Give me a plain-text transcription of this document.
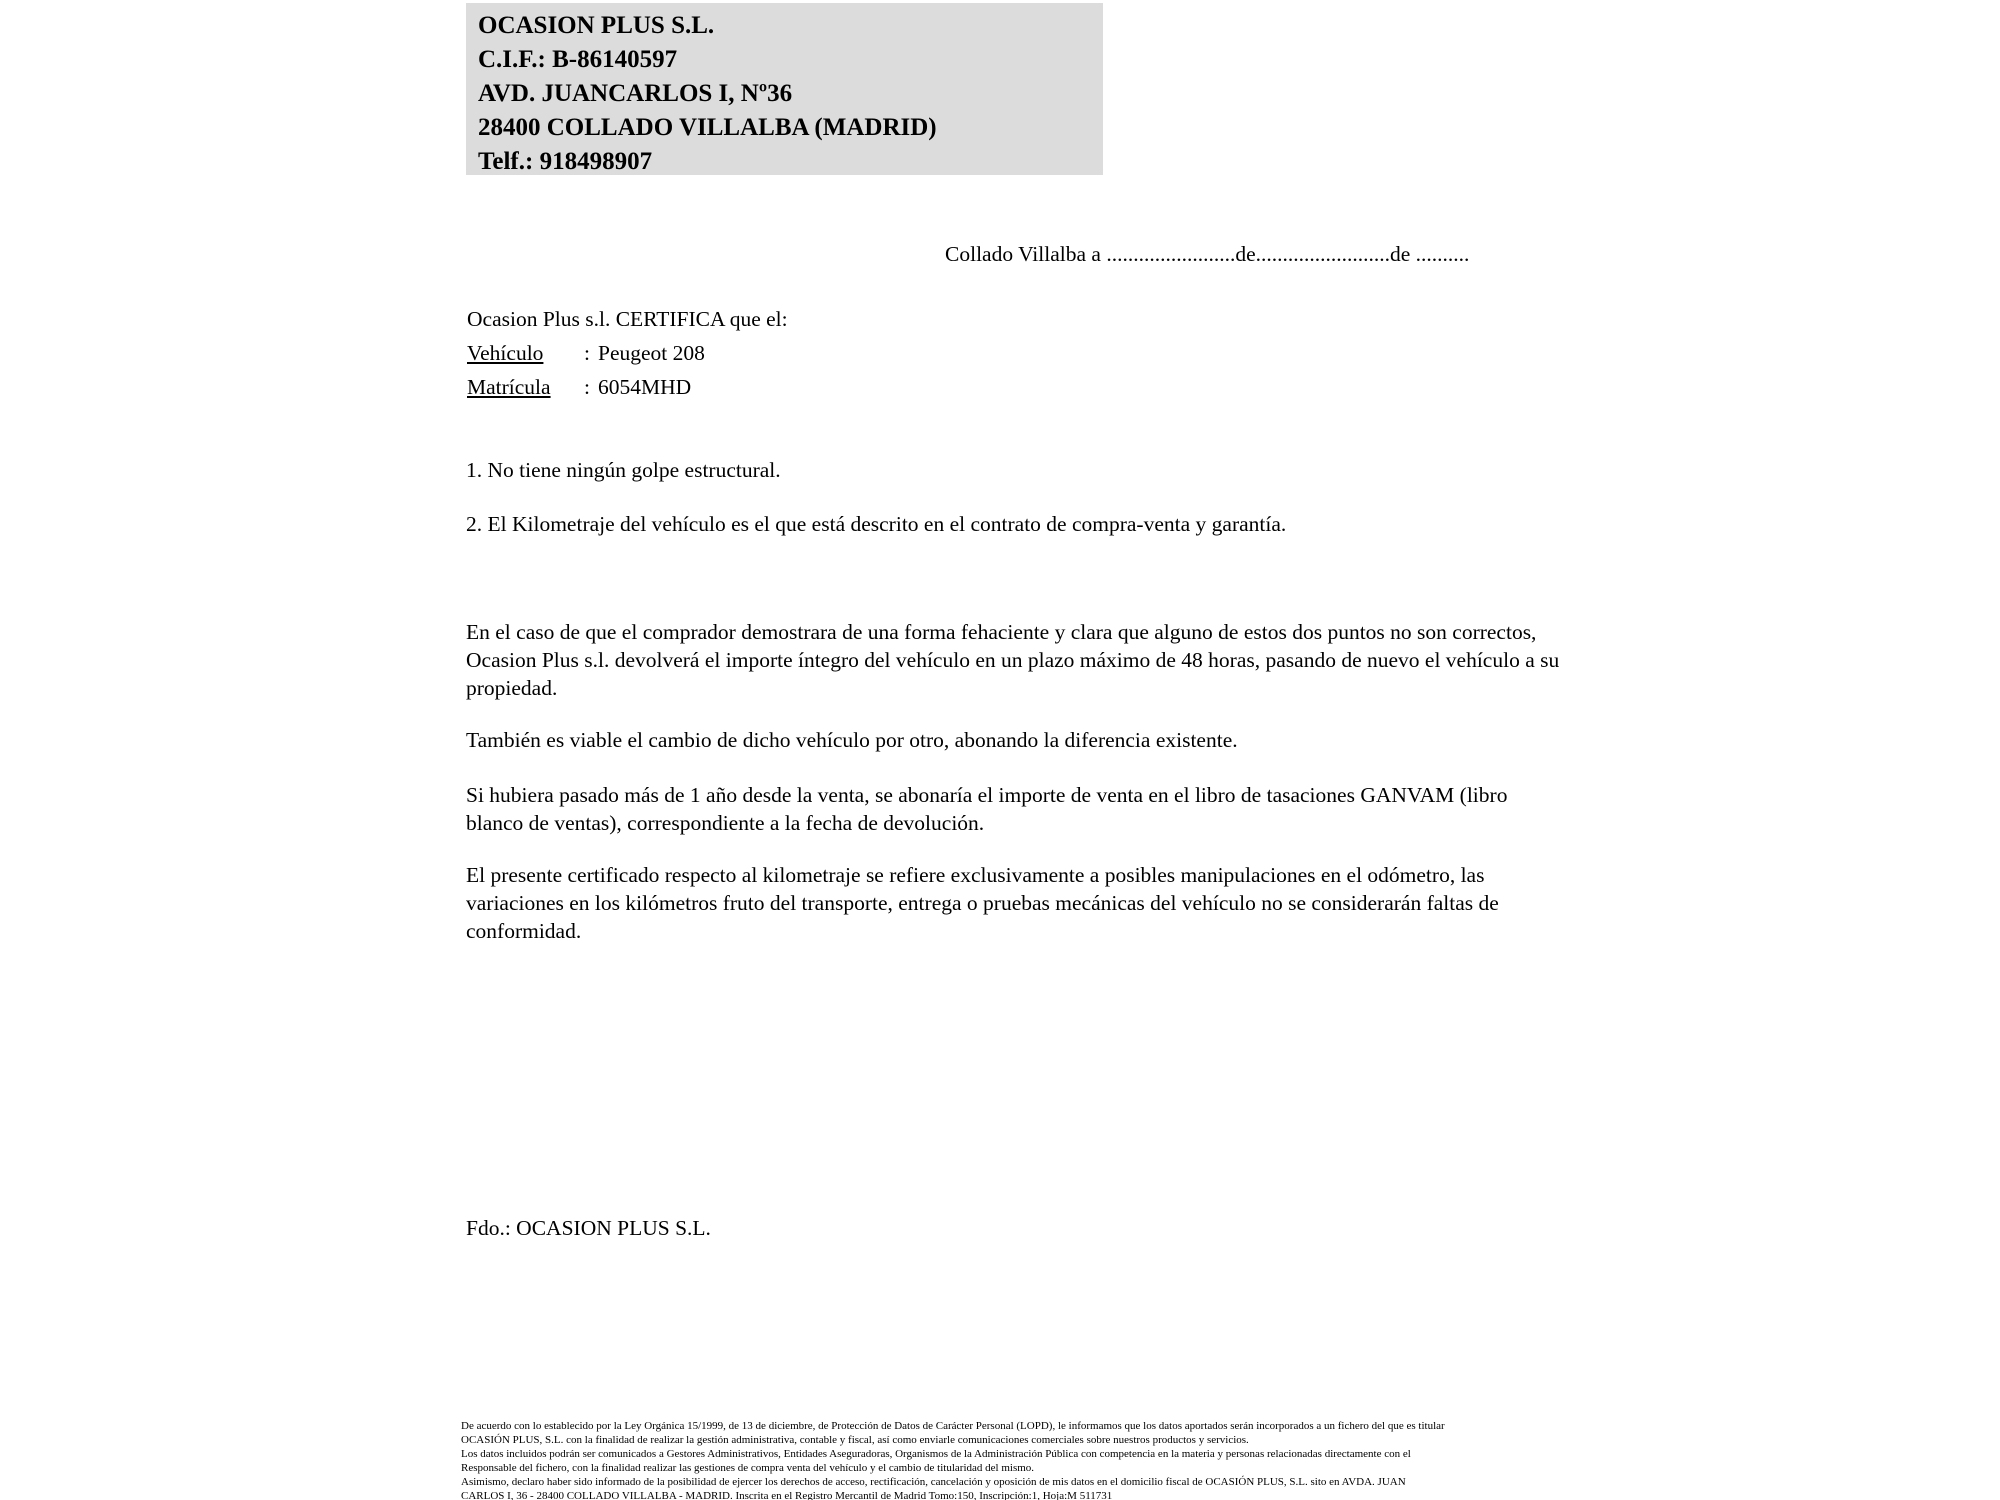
OCASION PLUS S.L.
C.I.F.: B-86140597
AVD. JUANCARLOS I, Nº36
28400 COLLADO VILLALBA (MADRID)
Telf.: 918498907
Collado Villalba a ........................de.........................de ..........
Ocasion Plus s.l. CERTIFICA que el:
Vehículo : Peugeot 208
Matrícula : 6054MHD
1. No tiene ningún golpe estructural.
2. El Kilometraje del vehículo es el que está descrito en el contrato de compra-venta y garantía.
En el caso de que el comprador demostrara de una forma fehaciente y clara que alguno de estos dos puntos no son correctos, Ocasion Plus s.l. devolverá el importe íntegro del vehículo en un plazo máximo de 48 horas, pasando de nuevo el vehículo a su propiedad.
También es viable el cambio de dicho vehículo por otro, abonando la diferencia existente.
Si hubiera pasado más de 1 año desde la venta, se abonaría el importe de venta en el libro de tasaciones GANVAM (libro blanco de ventas), correspondiente a la fecha de devolución.
El presente certificado respecto al kilometraje se refiere exclusivamente a posibles manipulaciones en el odómetro, las variaciones en los kilómetros fruto del transporte, entrega o pruebas mecánicas del vehículo no se considerarán faltas de conformidad.
Fdo.: OCASION PLUS S.L.
De acuerdo con lo establecido por la Ley Orgánica 15/1999, de 13 de diciembre, de Protección de Datos de Carácter Personal (LOPD), le informamos que los datos aportados serán incorporados a un fichero del que es titular
OCASIÓN PLUS, S.L. con la finalidad de realizar la gestión administrativa, contable y fiscal, así como enviarle comunicaciones comerciales sobre nuestros productos y servicios.
Los datos incluidos podrán ser comunicados a Gestores Administrativos, Entidades Aseguradoras, Organismos de la Administración Pública con competencia en la materia y personas relacionadas directamente con el
Responsable del fichero, con la finalidad realizar las gestiones de compra venta del vehículo y el cambio de titularidad del mismo.
Asimismo, declaro haber sido informado de la posibilidad de ejercer los derechos de acceso, rectificación, cancelación y oposición de mis datos en el domicilio fiscal de OCASIÓN PLUS, S.L. sito en AVDA. JUAN
CARLOS I, 36 - 28400 COLLADO VILLALBA - MADRID. Inscrita en el Registro Mercantil de Madrid Tomo:150, Inscripción:1, Hoja:M 511731
